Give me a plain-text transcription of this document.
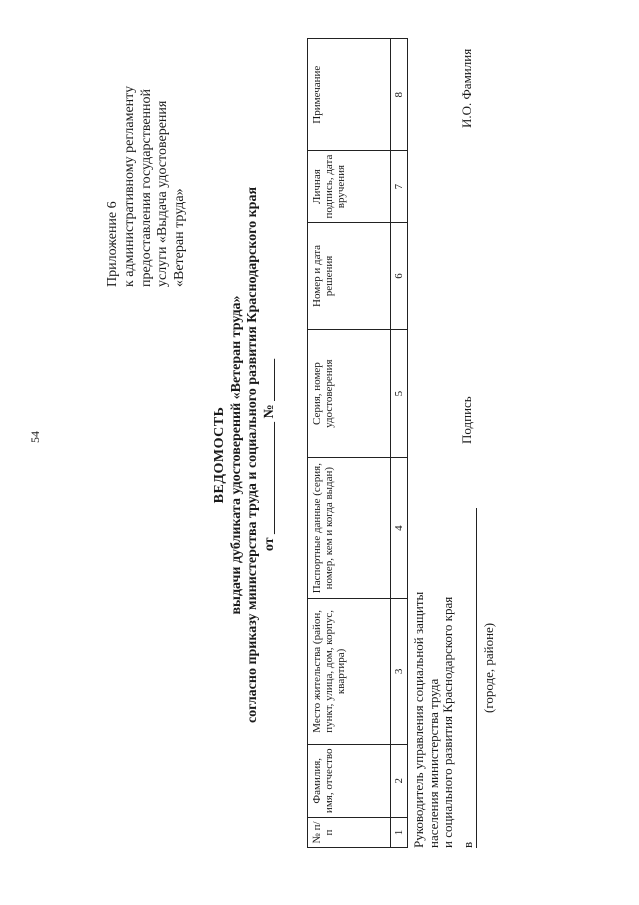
54
Приложение 6 к административному регламенту предоставления государственной услуги «Выдача удостоверения «Ветеран труда»
ВЕДОМОСТЬ выдачи дубликата удостоверений «Ветеран труда» согласно приказу министерства труда и социального развития Краснодарского края от ________________ № ______
№ п/п	Фамилия, имя, отчество	Место жительства (район, пункт, улица, дом, корпус, квартира)	Паспортные данные (серия, номер, кем и когда выдан)	Серия, номер удостоверения	Номер и дата решения	Личная подпись, дата вручения	Примечание
1	2	3	4	5	6	7	8
Руководитель управления социальной защиты населения министерства труда и социального развития Краснодарского края в
(городе, районе)
Подпись
И.О. Фамилия
